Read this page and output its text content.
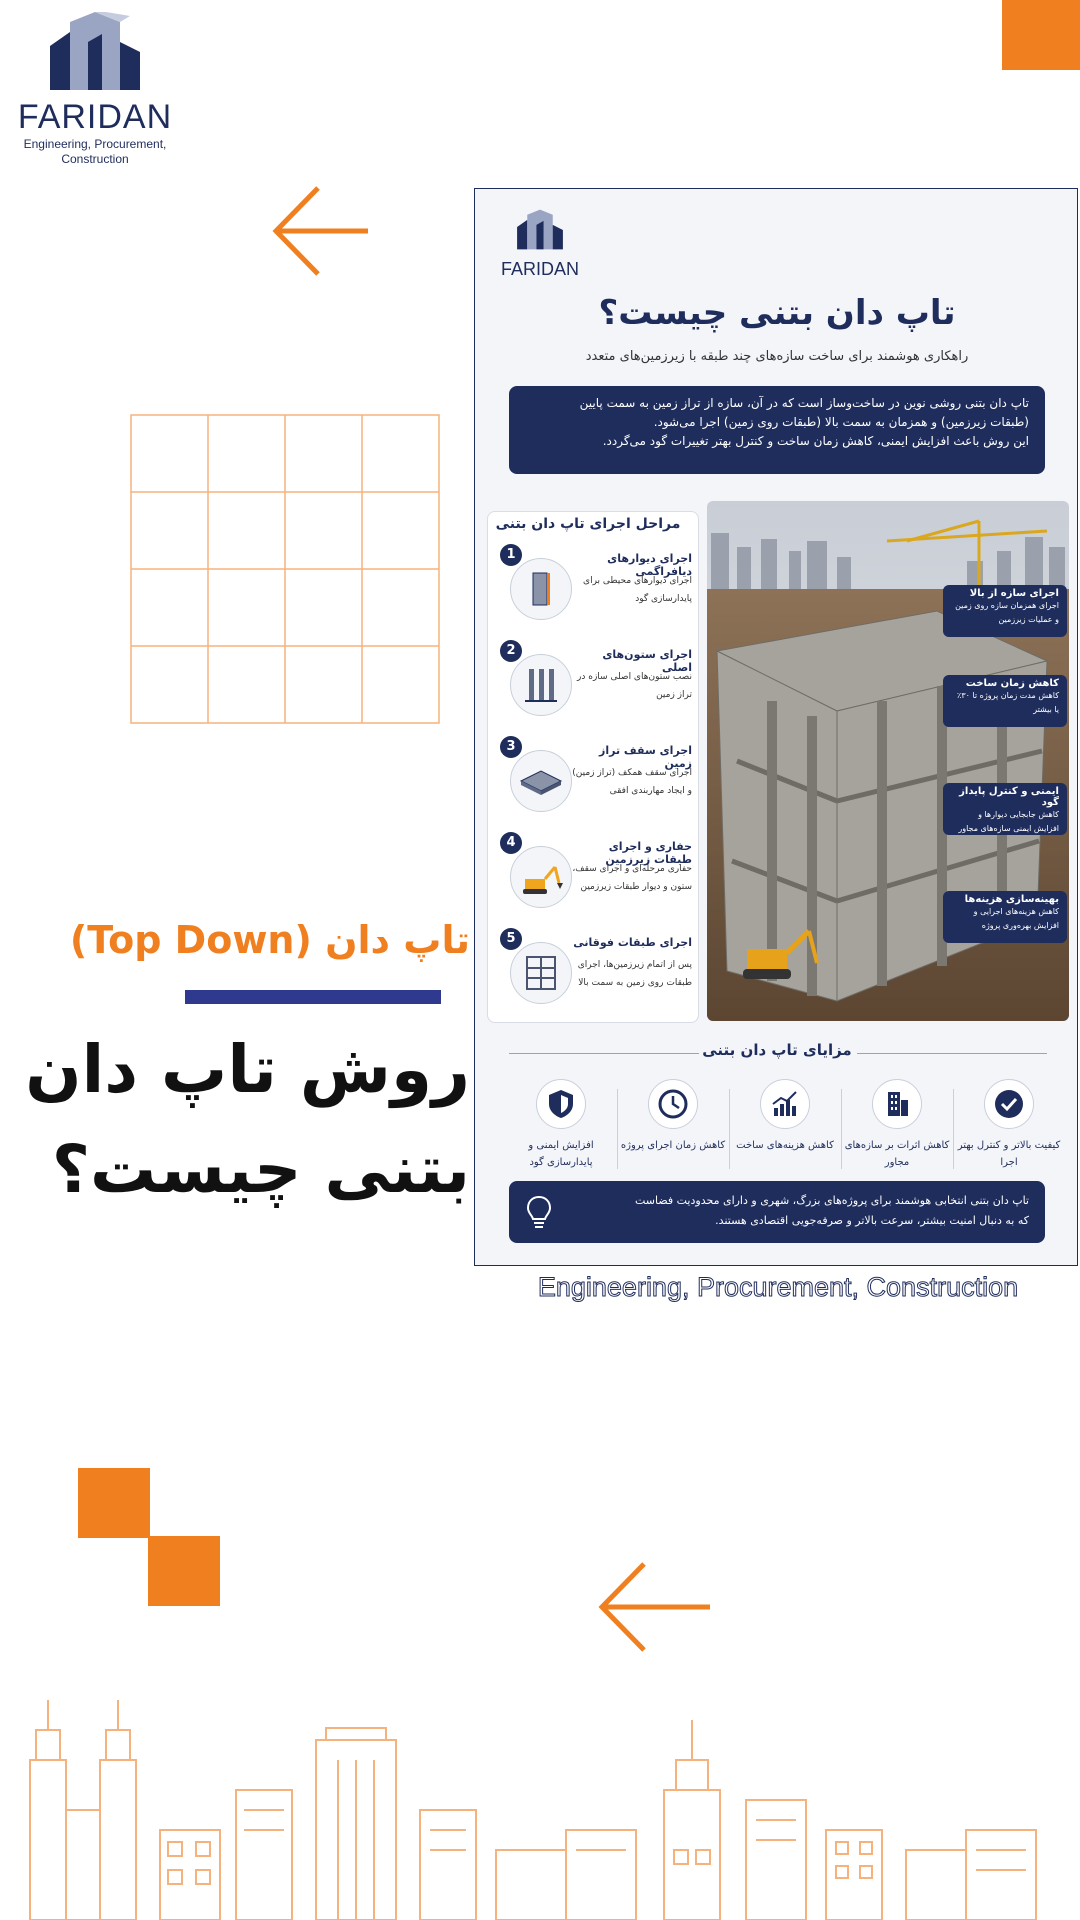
FARIDAN
Engineering, Procurement,
Construction
FARIDAN
تاپ دان بتنی چیست؟
راهکاری هوشمند برای ساخت سازه‌های چند طبقه با زیرزمین‌های متعدد

تاپ دان بتنی روشی نوین در ساخت‌وساز است که در آن، سازه از تراز زمین به سمت پایین

(طبقات زیرزمین) و همزمان به سمت بالا (طبقات روی زمین) اجرا می‌شود.

این روش باعث افزایش ایمنی، کاهش زمان ساخت و کنترل بهتر تغییرات گود می‌گردد.

مراحل اجرای تاپ دان بتنی
1	اجرای دیوارهای دیافراگمی
اجرای دیوارهای محیطی برای پایدارسازی گود
2	اجرای ستون‌های اصلی
نصب ستون‌های اصلی سازه در تراز زمین
3	اجرای سقف تراز زمین
اجرای سقف همکف (تراز زمین) و ایجاد مهاربندی افقی
4	حفاری و اجرای طبقات زیرزمین
حفاری مرحله‌ای و اجرای سقف، ستون و دیوار طبقات زیرزمین
5	اجرای طبقات فوقانی
پس از اتمام زیرزمین‌ها، اجرای طبقات روی زمین به سمت بالا
اجرای سازه از بالا
اجرای همزمان سازه روی زمین و عملیات زیرزمین
کاهش زمان ساخت
کاهش مدت زمان پروژه تا ۳۰٪ یا بیشتر
ایمنی و کنترل پایداز گود
کاهش جابجایی دیوارها و افزایش ایمنی سازه‌های مجاور
بهینه‌سازی هزینه‌ها
کاهش هزینه‌های اجرایی و افزایش بهره‌وری پروژه
مزایای تاپ دان بتنی
کیفیت بالاتر و کنترل بهتر اجرا
کاهش اثرات بر سازه‌های مجاور
کاهش هزینه‌های ساخت
کاهش زمان اجرای پروژه
افزایش ایمنی و پایدارسازی گود

تاپ دان بتنی انتخابی هوشمند برای پروژه‌های بزرگ، شهری و دارای محدودیت فضاست

که به دنبال امنیت بیشتر، سرعت بالاتر و صرفه‌جویی اقتصادی هستند.

تاپ دان (Top Down)
روش تاپ دان بتنی چیست؟
Engineering, Procurement, Construction
